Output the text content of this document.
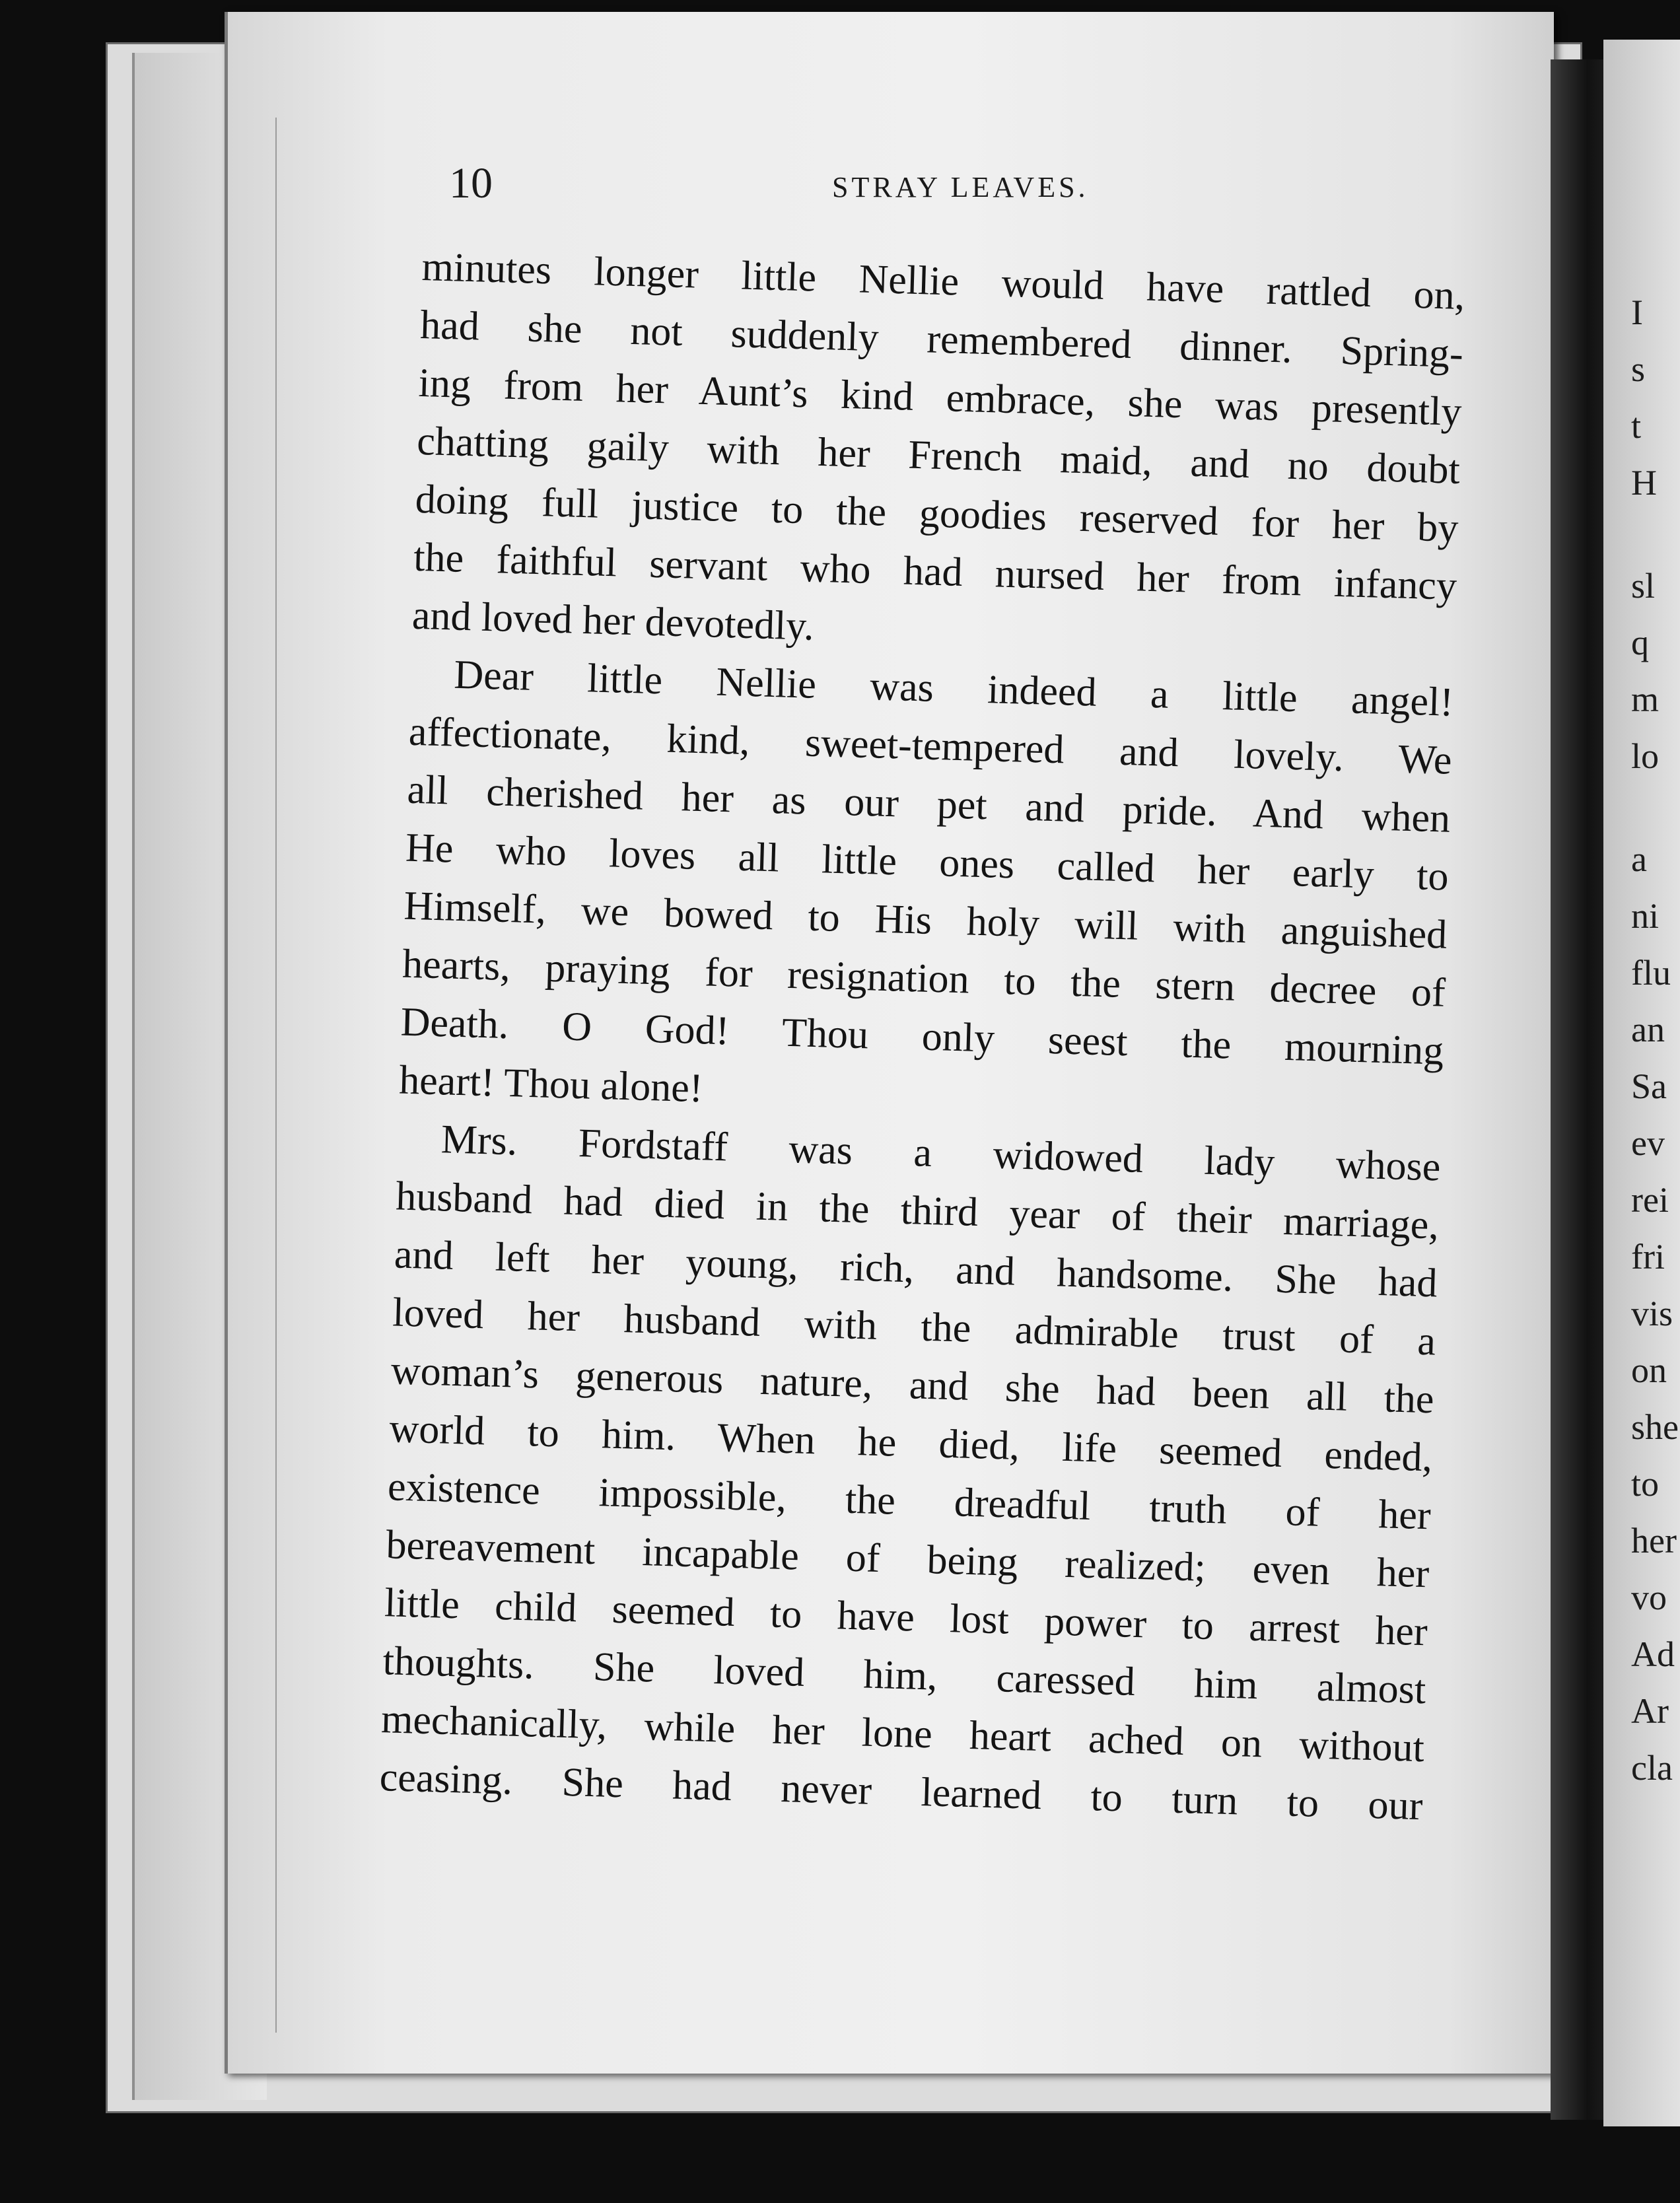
I
s
t
H
sl
q
m
lo
a
ni
flu
an
Sa
ev
rei
fri
vis
on
she
to
her
vo
Ad
Ar
cla
10	STRAY LEAVES.

minutes longer little Nellie would have rattled on,
had she not suddenly remembered dinner. Spring-
ing from her Aunt’s kind embrace, she was presently
chatting gaily with her French maid, and no doubt
doing full justice to the goodies reserved for her by
the faithful servant who had nursed her from infancy
and loved her devotedly.

Dear little Nellie was indeed a little angel!
affectionate, kind, sweet-tempered and lovely. We
all cherished her as our pet and pride. And when
He who loves all little ones called her early to
Himself, we bowed to His holy will with anguished
hearts, praying for resignation to the stern decree of
Death. O God! Thou only seest the mourning
heart! Thou alone!

Mrs. Fordstaff was a widowed lady whose
husband had died in the third year of their marriage,
and left her young, rich, and handsome. She had
loved her husband with the admirable trust of a
woman’s generous nature, and she had been all the
world to him. When he died, life seemed ended,
existence impossible, the dreadful truth of her
bereavement incapable of being realized; even her
little child seemed to have lost power to arrest her
thoughts. She loved him, caressed him almost
mechanically, while her lone heart ached on without
ceasing. She had never learned to turn to our
